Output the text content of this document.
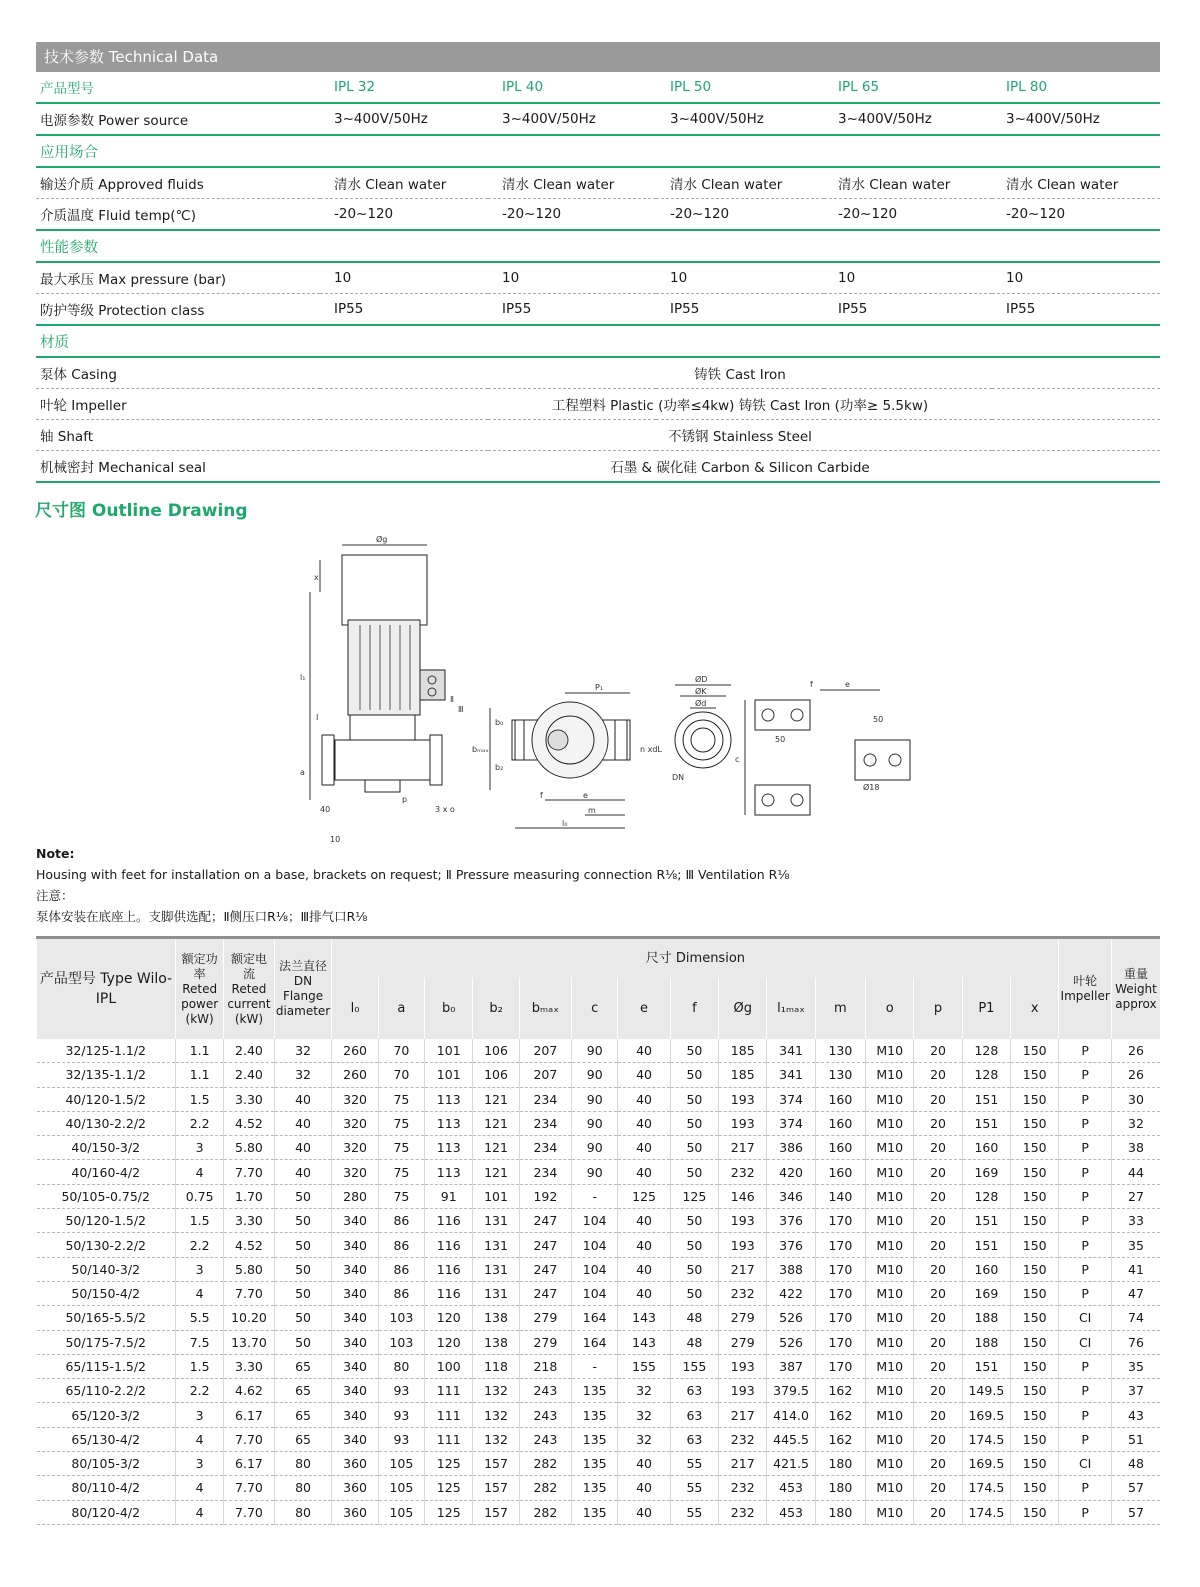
技术参数 Technical Data
产品型号	IPL 32	IPL 40	IPL 50	IPL 65	IPL 80
电源参数 Power source	3~400V/50Hz	3~400V/50Hz	3~400V/50Hz	3~400V/50Hz	3~400V/50Hz
应用场合					
输送介质 Approved fluids	清水 Clean water	清水 Clean water	清水 Clean water	清水 Clean water	清水 Clean water
介质温度 Fluid temp(℃)	-20~120	-20~120	-20~120	-20~120	-20~120
性能参数					
最大承压 Max pressure (bar)	10	10	10	10	10
防护等级 Protection class	IP55	IP55	IP55	IP55	IP55
材质					
泵体 Casing	铸铁 Cast Iron				
叶轮 Impeller	工程塑料 Plastic (功率≤4kw) 铸铁 Cast Iron (功率≥ 5.5kw)				
轴 Shaft	不锈钢 Stainless Steel				
机械密封 Mechanical seal	石墨 & 碳化硅 Carbon & Silicon Carbide				
尺寸图 Outline Drawing
Øg
x
l₁
a
p
40
10
Ⅱ
Ⅰ
Ⅲ
3 x o
P₁
b₀
b₂
bₘₐₓ
f	e
m
l₀
ØD
ØK
Ød
n xdL
DN
c
f	e
50
50
Ø18
Note:
Housing with feet for installation on a base, brackets on request; Ⅱ Pressure measuring connection R⅛; Ⅲ Ventilation R⅛
注意：
泵体安装在底座上。支脚供选配；Ⅱ侧压口R⅛；Ⅲ排气口R⅛
产品型号 Type Wilo-IPL	额定功率 Reted power (kW)	额定电流 Reted current (kW)	法兰直径 DN Flange diameter	尺寸 Dimension															叶轮 Impeller	重量 Weight approx
				l₀	a	b₀	b₂	bₘₐₓ	c	e	f	Øg	l₁ₘₐₓ	m	o	p	P1	x		
32/125-1.1/2	1.1	2.40	32	260	70	101	106	207	90	40	50	185	341	130	M10	20	128	150	P	26
32/135-1.1/2	1.1	2.40	32	260	70	101	106	207	90	40	50	185	341	130	M10	20	128	150	P	26
40/120-1.5/2	1.5	3.30	40	320	75	113	121	234	90	40	50	193	374	160	M10	20	151	150	P	30
40/130-2.2/2	2.2	4.52	40	320	75	113	121	234	90	40	50	193	374	160	M10	20	151	150	P	32
40/150-3/2	3	5.80	40	320	75	113	121	234	90	40	50	217	386	160	M10	20	160	150	P	38
40/160-4/2	4	7.70	40	320	75	113	121	234	90	40	50	232	420	160	M10	20	169	150	P	44
50/105-0.75/2	0.75	1.70	50	280	75	91	101	192	-	125	125	146	346	140	M10	20	128	150	P	27
50/120-1.5/2	1.5	3.30	50	340	86	116	131	247	104	40	50	193	376	170	M10	20	151	150	P	33
50/130-2.2/2	2.2	4.52	50	340	86	116	131	247	104	40	50	193	376	170	M10	20	151	150	P	35
50/140-3/2	3	5.80	50	340	86	116	131	247	104	40	50	217	388	170	M10	20	160	150	P	41
50/150-4/2	4	7.70	50	340	86	116	131	247	104	40	50	232	422	170	M10	20	169	150	P	47
50/165-5.5/2	5.5	10.20	50	340	103	120	138	279	164	143	48	279	526	170	M10	20	188	150	CI	74
50/175-7.5/2	7.5	13.70	50	340	103	120	138	279	164	143	48	279	526	170	M10	20	188	150	CI	76
65/115-1.5/2	1.5	3.30	65	340	80	100	118	218	-	155	155	193	387	170	M10	20	151	150	P	35
65/110-2.2/2	2.2	4.62	65	340	93	111	132	243	135	32	63	193	379.5	162	M10	20	149.5	150	P	37
65/120-3/2	3	6.17	65	340	93	111	132	243	135	32	63	217	414.0	162	M10	20	169.5	150	P	43
65/130-4/2	4	7.70	65	340	93	111	132	243	135	32	63	232	445.5	162	M10	20	174.5	150	P	51
80/105-3/2	3	6.17	80	360	105	125	157	282	135	40	55	217	421.5	180	M10	20	169.5	150	CI	48
80/110-4/2	4	7.70	80	360	105	125	157	282	135	40	55	232	453	180	M10	20	174.5	150	P	57
80/120-4/2	4	7.70	80	360	105	125	157	282	135	40	55	232	453	180	M10	20	174.5	150	P	57
